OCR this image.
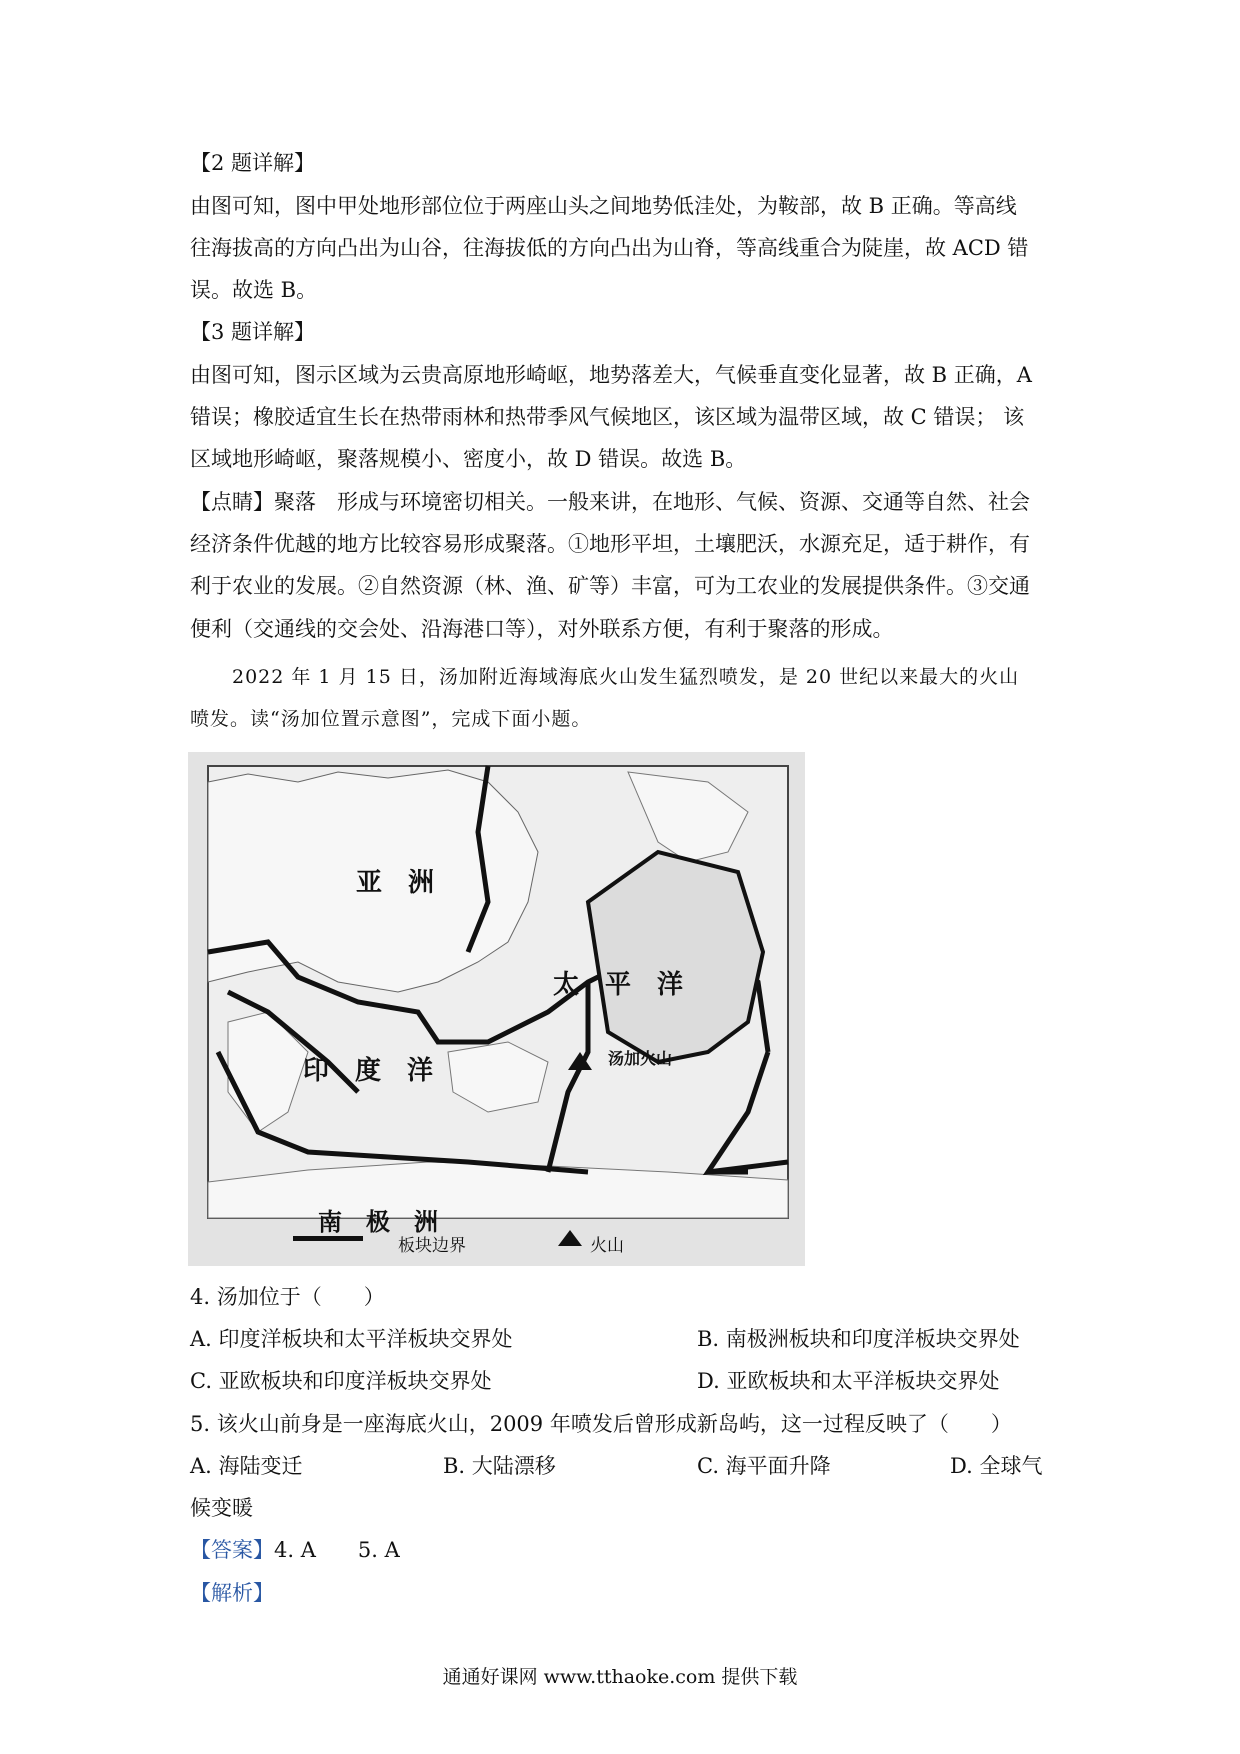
【2 题详解】
由图可知，图中甲处地形部位位于两座山头之间地势低洼处，为鞍部，故 B 正确。等高线
往海拔高的方向凸出为山谷，往海拔低的方向凸出为山脊，等高线重合为陡崖，故 ACD 错
误。故选 B。
【3 题详解】
由图可知，图示区域为云贵高原地形崎岖，地势落差大，气候垂直变化显著，故 B 正确，A
错误；橡胶适宜生长在热带雨林和热带季风气候地区，该区域为温带区域，故 C 错误； 该
区域地形崎岖，聚落规模小、密度小，故 D 错误。故选 B。
【点睛】聚落　形成与环境密切相关。一般来讲，在地形、气候、资源、交通等自然、社会
经济条件优越的地方比较容易形成聚落。①地形平坦，土壤肥沃，水源充足，适于耕作，有
利于农业的发展。②自然资源（林、渔、矿等）丰富，可为工农业的发展提供条件。③交通
便利（交通线的交会处、沿海港口等），对外联系方便，有利于聚落的形成。
2022 年 1 月 15 日，汤加附近海域海底火山发生猛烈喷发，是 20 世纪以来最大的火山
喷发。读“汤加位置示意图”，完成下面小题。
亚　洲
太　平　洋
印　度　洋	汤加火山
南　极　洲
板块边界	火山
4. 汤加位于（　　）
A. 印度洋板块和太平洋板块交界处	B. 南极洲板块和印度洋板块交界处
C. 亚欧板块和印度洋板块交界处	D. 亚欧板块和太平洋板块交界处
5. 该火山前身是一座海底火山，2009 年喷发后曾形成新岛屿，这一过程反映了（　　）
A. 海陆变迁	B. 大陆漂移	C. 海平面升降	D. 全球气
候变暖
【答案】4. A　　5. A
【解析】
通通好课网 www.tthaoke.com 提供下载
